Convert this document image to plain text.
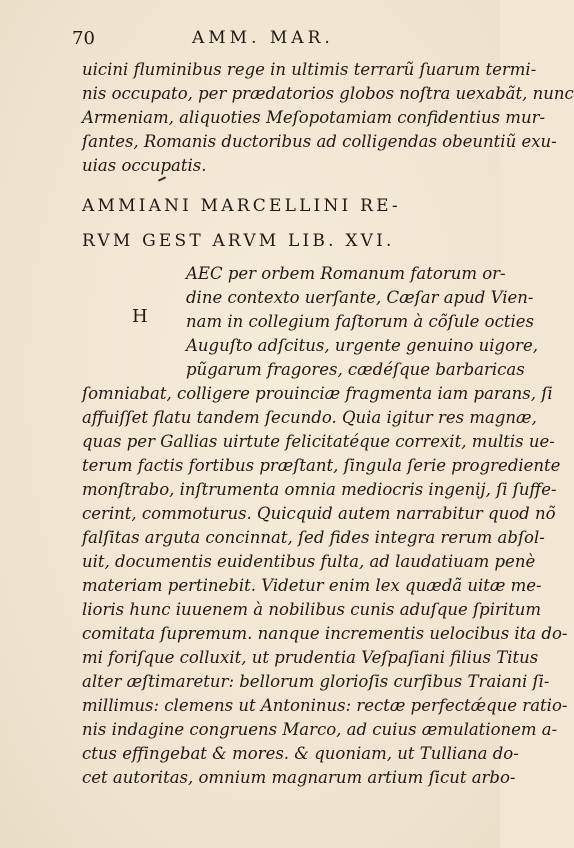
70	AMM. MAR.
uicini fluminibus rege in ultimis terrarũ ſuarum termi-
nis occupato, per prædatorios globos noſtra uexabãt, nunc
Armeniam, aliquoties Meſopotamiam confidentius mur-
ſantes, Romanis ductoribus ad colligendas obeuntiũ exu-
uias occupatis.
AMMIANI MARCELLINI RE-
RVM GEST ARVM LIB. XVI.
H
AEC per orbem Romanum fatorum or-
dine contexto uerſante, Cæſar apud Vien-
nam in collegium faſtorum à cõſule octies
Auguſto adſcitus, urgente genuino uigore,
pũgarum fragores, cædéſque barbaricas
ſomniabat, colligere prouinciæ fragmenta iam parans, ſi
affuiſſet flatu tandem ſecundo. Quia igitur res magnæ,
quas per Gallias uirtute felicitatéque correxit, multis ue-
terum factis fortibus præſtant, ſingula ſerie progrediente
monſtrabo, inſtrumenta omnia mediocris ingenij, ſi ſuffe-
cerint, commoturus. Quicquid autem narrabitur quod nõ
falſitas arguta concinnat, ſed fides integra rerum abſol-
uit, documentis euidentibus fulta, ad laudatiuam penè
materiam pertinebit. Videtur enim lex quædã uitæ me-
lioris hunc iuuenem à nobilibus cunis aduſque ſpiritum
comitata ſupremum. nanque incrementis uelocibus ita do-
mi foriſque colluxit, ut prudentia Veſpaſiani filius Titus
alter æſtimaretur: bellorum glorioſis curſibus Traiani ſi-
millimus: clemens ut Antoninus: rectæ perfectǽque ratio-
nis indagine congruens Marco, ad cuius æmulationem a-
ctus effingebat & mores. & quoniam, ut Tulliana do-
cet autoritas, omnium magnarum artium ſicut arbo-
